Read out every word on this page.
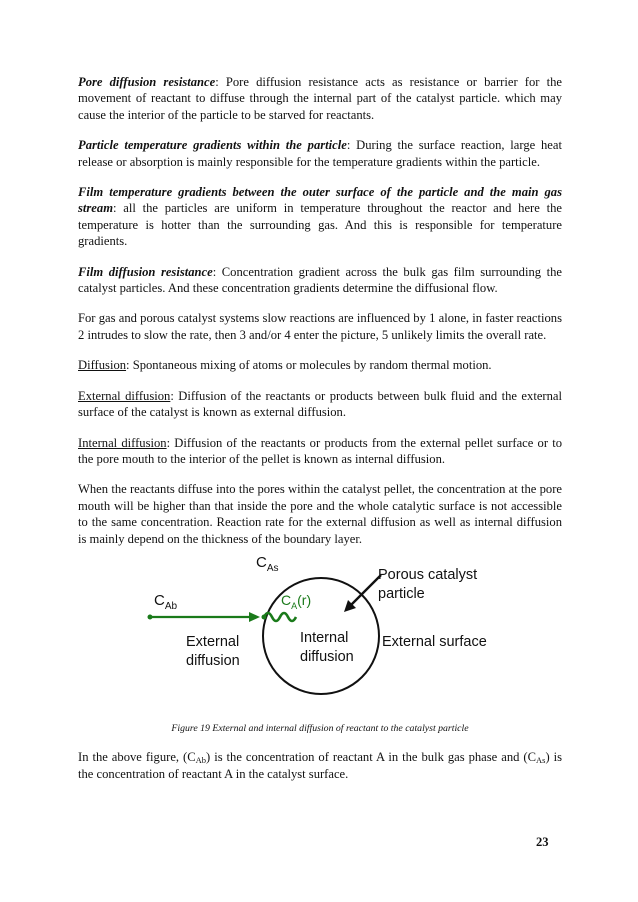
Pore diffusion resistance: Pore diffusion resistance acts as resistance or barrier for the movement of reactant to diffuse through the internal part of the catalyst particle. which may cause the interior of the particle to be starved for reactants.

Particle temperature gradients within the particle: During the surface reaction, large heat release or absorption is mainly responsible for the temperature gradients within the particle.

Film temperature gradients between the outer surface of the particle and the main gas stream: all the particles are uniform in temperature throughout the reactor and here the temperature is hotter than the surrounding gas. And this is responsible for temperature gradients.

Film diffusion resistance: Concentration gradient across the bulk gas film surrounding the catalyst particles. And these concentration gradients determine the diffusional flow.

For gas and porous catalyst systems slow reactions are influenced by 1 alone, in faster reactions 2 intrudes to slow the rate, then 3 and/or 4 enter the picture, 5 unlikely limits the overall rate.

Diffusion: Spontaneous mixing of atoms or molecules by random thermal motion.

External diffusion: Diffusion of the reactants or products between bulk fluid and the external surface of the catalyst is known as external diffusion.

Internal diffusion: Diffusion of the reactants or products from the external pellet surface or to the pore mouth to the interior of the pellet is known as internal diffusion.

When the reactants diffuse into the pores within the catalyst pellet, the concentration at the pore mouth will be higher than that inside the pore and the whole catalytic surface is not accessible to the same concentration. Reaction rate for the external diffusion as well as internal diffusion is mainly depend on the thickness of the boundary layer.

$C_{As}$
$C_{Ab}$	$C_A(r)$
Porous catalyst
particle
External
diffusion
Internal
diffusion
External surface
Figure 19 External and internal diffusion of reactant to the catalyst particle

In the above figure, $(C_{Ab})$ is the concentration of reactant A in the bulk gas phase and $(C_{As})$ is the concentration of reactant A in the catalyst surface.

23
